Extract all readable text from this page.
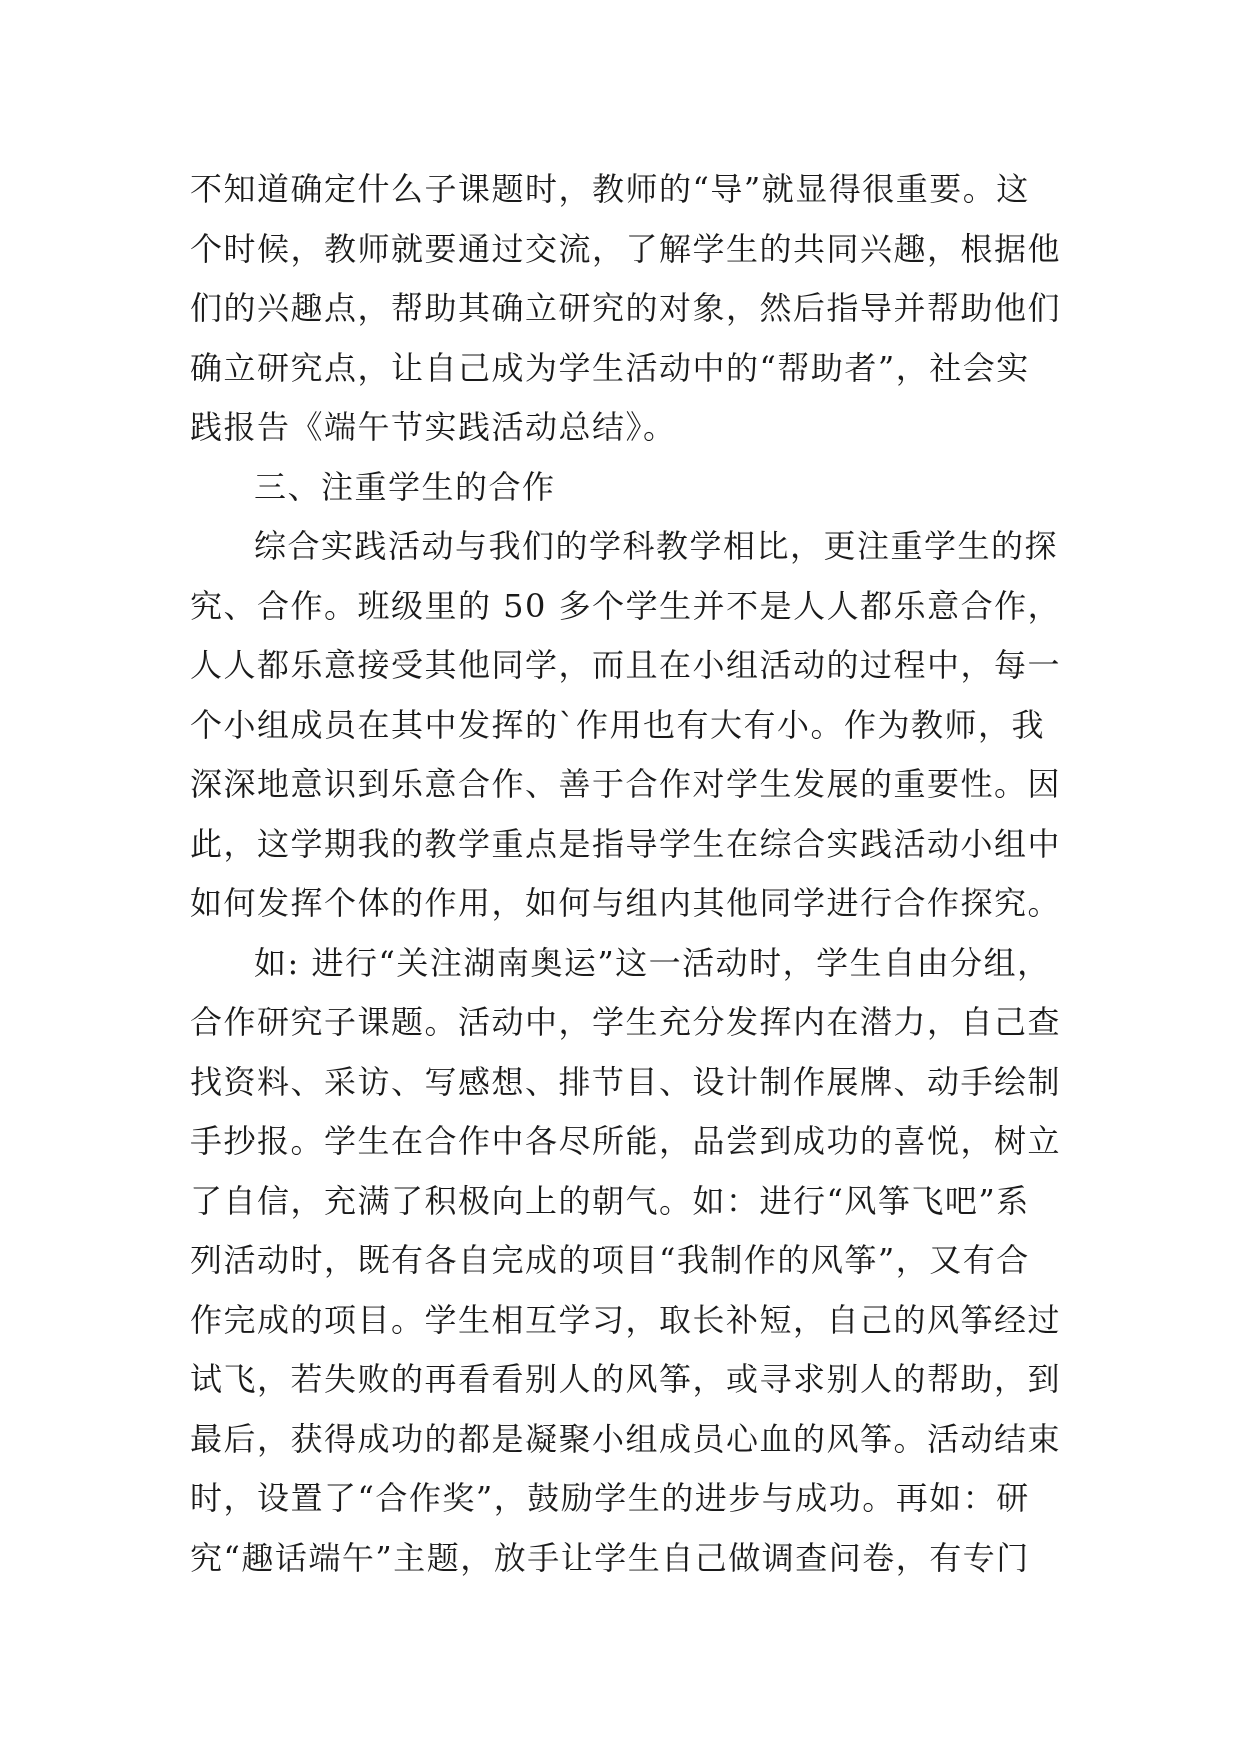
不知道确定什么子课题时，教师的“导”就显得很重要。这
个时候，教师就要通过交流，了解学生的共同兴趣，根据他
们的兴趣点，帮助其确立研究的对象，然后指导并帮助他们
确立研究点，让自己成为学生活动中的“帮助者”，社会实
践报告《端午节实践活动总结》。
三、注重学生的合作
综合实践活动与我们的学科教学相比，更注重学生的探
究、合作。班级里的 50 多个学生并不是人人都乐意合作，
人人都乐意接受其他同学，而且在小组活动的过程中，每一
个小组成员在其中发挥的`作用也有大有小。作为教师，我
深深地意识到乐意合作、善于合作对学生发展的重要性。因
此，这学期我的教学重点是指导学生在综合实践活动小组中
如何发挥个体的作用，如何与组内其他同学进行合作探究。
如: 进行“关注湖南奥运”这一活动时，学生自由分组，
合作研究子课题。活动中，学生充分发挥内在潜力，自己查
找资料、采访、写感想、排节目、设计制作展牌、动手绘制
手抄报。学生在合作中各尽所能，品尝到成功的喜悦，树立
了自信，充满了积极向上的朝气。如：进行“风筝飞吧”系
列活动时，既有各自完成的项目“我制作的风筝”，又有合
作完成的项目。学生相互学习，取长补短，自己的风筝经过
试飞，若失败的再看看别人的风筝，或寻求别人的帮助，到
最后，获得成功的都是凝聚小组成员心血的风筝。活动结束
时，设置了“合作奖”，鼓励学生的进步与成功。再如：研
究“趣话端午”主题，放手让学生自己做调查问卷，有专门
